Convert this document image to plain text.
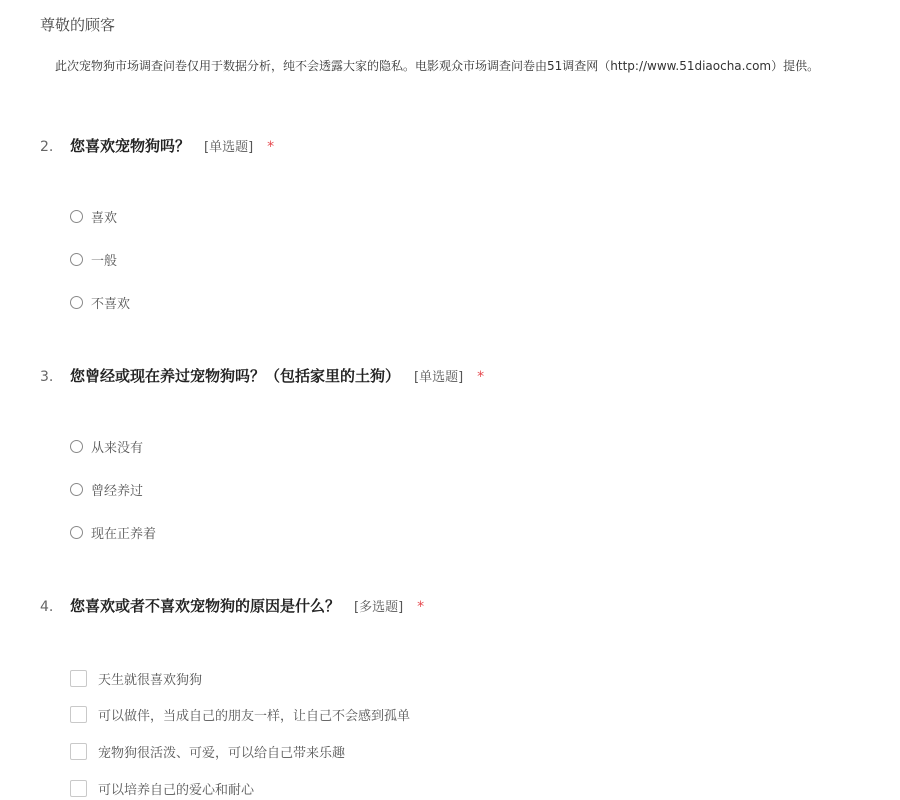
尊敬的顾客
此次宠物狗市场调查问卷仅用于数据分析，纯不会透露大家的隐私。电影观众市场调查问卷由51调查网（http://www.51diaocha.com）提供。
2.	您喜欢宠物狗吗？ [单选题] *
喜欢
一般
不喜欢
3.	您曾经或现在养过宠物狗吗？（包括家里的土狗） [单选题] *
从来没有
曾经养过
现在正养着
4.	您喜欢或者不喜欢宠物狗的原因是什么？ [多选题] *
天生就很喜欢狗狗
可以做伴，当成自己的朋友一样，让自己不会感到孤单
宠物狗很活泼、可爱，可以给自己带来乐趣
可以培养自己的爱心和耐心
